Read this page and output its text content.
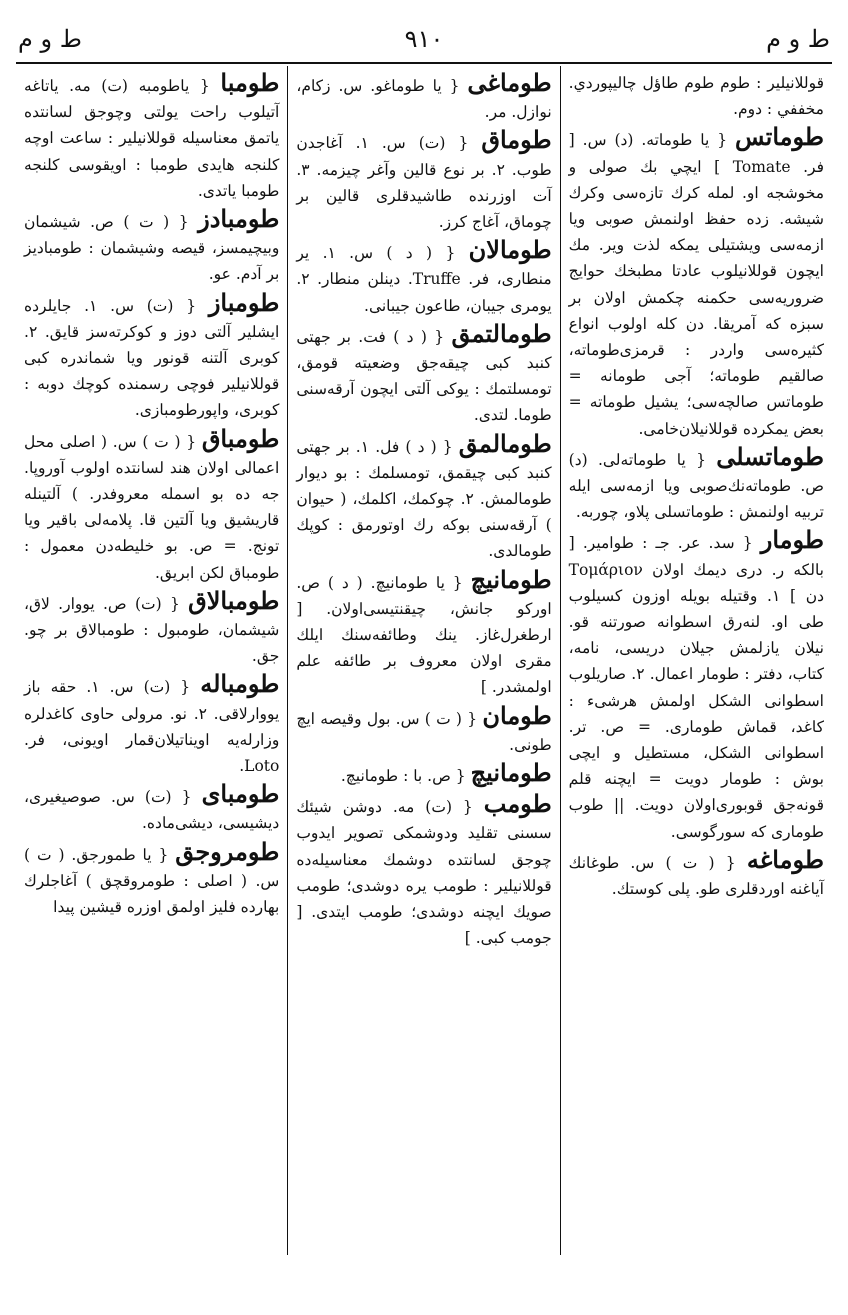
ط و م	٩١٠	ط و م

قوللانيلير : طوم طوم طاؤل چاليپوردي. مخففي : دوم.

طوماتس { يا طوماته. (د) س. [ فر. Tomate ] ايچي بك صولى و مخوشجه او. لمله كرك تازه‌سى وكرك شيشه. زده حفظ اولنمش صوبى ويا ازمه‌سى ويشتيلى يمكه لذت وير. مك ايچون قوللانيلوب عادتا مطبخك حوايج ضروريه‌سى حكمنه چكمش اولان بر سبزه كه آمريقا. دن كله اولوب انواع كثيره‌سى واردر : قرمزى‌طوماته، صالقيم طوماته؛ آجى طومانه = طوماتس صالچه‌سى؛ يشيل طوماته = بعض يمكرده قوللانيلان‌خامى.

طوماتسلى { يا طوماته‌لى. (د) ص. طوماته‌نك‌صوبى ويا ازمه‌سى ايله تربيه اولنمش : طوماتسلى پلاو، چوربه.

طومار { سد. عر. جـ : طوامير. [ بالكه ر. درى ديمك اولان Τομάριον دن ] ١. وقتيله بويله اوزون كسيلوب طى او. لنه‌رق اسطوانه صورتنه قو. نيلان يازلمش جيلان دريسى، نامه، كتاب، دفتر : طومار اعمال. ٢. صاريلوب اسطوانى الشكل اولمش هرشىء : كاغد، قماش طومارى. = ص. تر. اسطوانى الشكل، مستطيل و ايچى بوش : طومار دويت = ايچنه قلم قونه‌جق قوبورى‌اولان دويت. || طوب طومارى كه سورگوسى.

طوماغه { ( ت ) س. طوغانك آياغنه اوردقلرى طو. پلى كوستك.

طوماغى { يا طوماغو. س. زكام، نوازل. مر.

طوماق { (ت) س. ١. آغاجدن طوب. ٢. بر نوع قالين وآغر چيزمه. ٣. آت اوزرنده طاشيدقلرى قالين بر چوماق، آغاج كرز.

طومالان { ( د ) س. ١. ير منطارى، فر. Truffe. دينلن منطار. ٢. يومرى جيبان، طاعون جيبانى.

طومالتمق { ( د ) فت. بر جهتى كنبد كبى چيقه‌جق وضعيته قومق، تومسلتمك : يوكى آلتى ايچون آرقه‌سنى طوما. لتدى.

طومالمق { ( د ) فل. ١. بر جهتى كنبد كبى چيقمق، تومسلمك : بو ديوار طومالمش. ٢. چوكمك، اكلمك، ( حيوان ) آرقه‌سنى بوكه رك اوتورمق : كوپك طومالدى.

طومانيچ { يا طومانيچ. ( د ) ص. اوركو جانش، چيقنتيسى‌اولان. [ ارطغرل‌غاز. ينك وطائفه‌سنك ايلك مقرى اولان معروف بر طائفه علم اولمشدر. ]

طومان { ( ت ) س. بول وقيصه ايچ طونى.

طومانيچ { ص. با : طومانيچ.

طومب { (ت) مه. دوشن شيئك سسنى تقليد ودوشمكى تصوير ايدوب چوجق لسانتده دوشمك معناسيله‌ده قوللانيلير : طومب يره دوشدى؛ طومب صويك ايچنه دوشدى؛ طومب ايتدى. [ جومب كبى. ]

طومبا { ياطومبه (ت) مه. ياتاغه آتيلوب راحت يولتى وچوجق لسانتده ياتمق معناسيله قوللانيلير : ساعت اوچه كلنجه هايدى طومبا : اويقوسى كلنجه طومبا ياتدى.

طومبادز { ( ت ) ص. شيشمان وبيچيمسز، قيصه وشيشمان : طومباديز بر آدم. عو.

طومباز { (ت) س. ١. جايلرده ايشلير آلتى دوز و كوكرته‌سز قايق. ٢. كوبرى آلتنه قونور ويا شماندره كبى قوللانيلير فوچى رسمنده كوچك دوبه : كوبرى، واپورطومبازى.

طومباق { ( ت ) س. ( اصلى محل اعمالى اولان هند لسانتده اولوب آوروپا. جه ده بو اسمله معروفدر. ) آلتينله قاريشيق ويا آلتين قا. پلامه‌لى باقير ويا تونج. = ص. بو خليطه‌دن معمول : طومباق لكن ابريق.

طومبالاق { (ت) ص. يووار. لاق، شيشمان، طومبول : طومبالاق بر چو. جق.

طومباله { (ت) س. ١. حقه باز يووارلاقى. ٢. نو. مرولى حاوى كاغدلره وزارله‌يه اويناتيلان‌قمار اويونى، فر. Loto.

طومباى { (ت) س. صوصيغيرى، ديشيسى، ديشى‌ماده.

طومروجق { يا طمورجق. ( ت ) س. ( اصلى : طومروقچق ) آغاجلرك بهارده فليز اولمق اوزره قيشين پيدا
